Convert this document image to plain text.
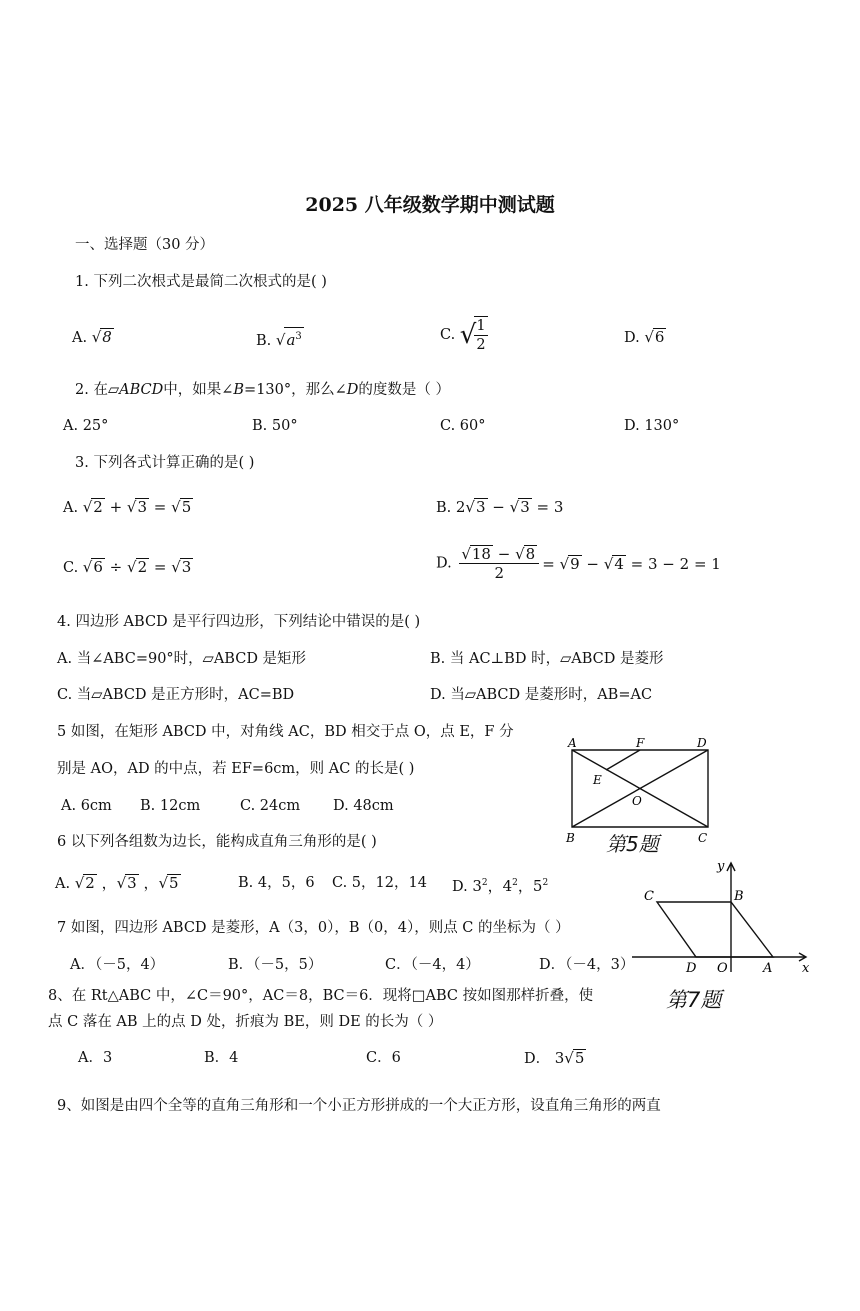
2025 八年级数学期中测试题
一、选择题（30 分）
1. 下列二次根式是最简二次根式的是( )
A. √8	B. $√a^3$	C. √
$\frac{1}{2}$	D. √6
2. 在▱ABCD中，如果∠B=130°，那么∠D的度数是（ ）
A. 25°	B. 50°	C. 60°	D. 130°
3. 下列各式计算正确的是( )
A. √2 + √3 = √5	B. 2√3 − √3 = 3
C. √6 ÷ √2 = √3	D. $\frac{√18 - √8}{2} = √9 - √4 = 3 - 2 = 1$
4. 四边形 ABCD 是平行四边形，下列结论中错误的是( )
A. 当∠ABC=90°时，▱ABCD 是矩形	B. 当 AC⊥BD 时，▱ABCD 是菱形
C. 当▱ABCD 是正方形时，AC=BD	D. 当▱ABCD 是菱形时，AB=AC
5 如图，在矩形 ABCD 中，对角线 AC，BD 相交于点 O，点 E，F 分
别是 AO，AD 的中点，若 EF=6cm，则 AC 的长是( )
A. 6cm B. 12cm	C. 24cm D. 48cm
A	F	D
E
O
B	C
第5题
6 以下列各组数为边长，能构成直角三角形的是( )
A. √2 ，√3 ，√5	B. 4，5，6 C. 5，12，14 D. $3^2$，$4^2$，$5^2$
7 如图，四边形 ABCD 是菱形，A（3，0），B（0，4），则点 C 的坐标为（ ）
A．（－5，4）	B．（－5，5）	C．（－4，4）	D．（－4，3）
y
C	B
D O	A x
第7题
8、在 Rt△ABC 中，∠C＝90°，AC＝8，BC＝6．现将□ABC 按如图那样折叠，使
点 C 落在 AB 上的点 D 处，折痕为 BE，则 DE 的长为（ ）
A．3	B．4	C．6	D． 3√5
9、如图是由四个全等的直角三角形和一个小正方形拼成的一个大正方形，设直角三角形的两直
